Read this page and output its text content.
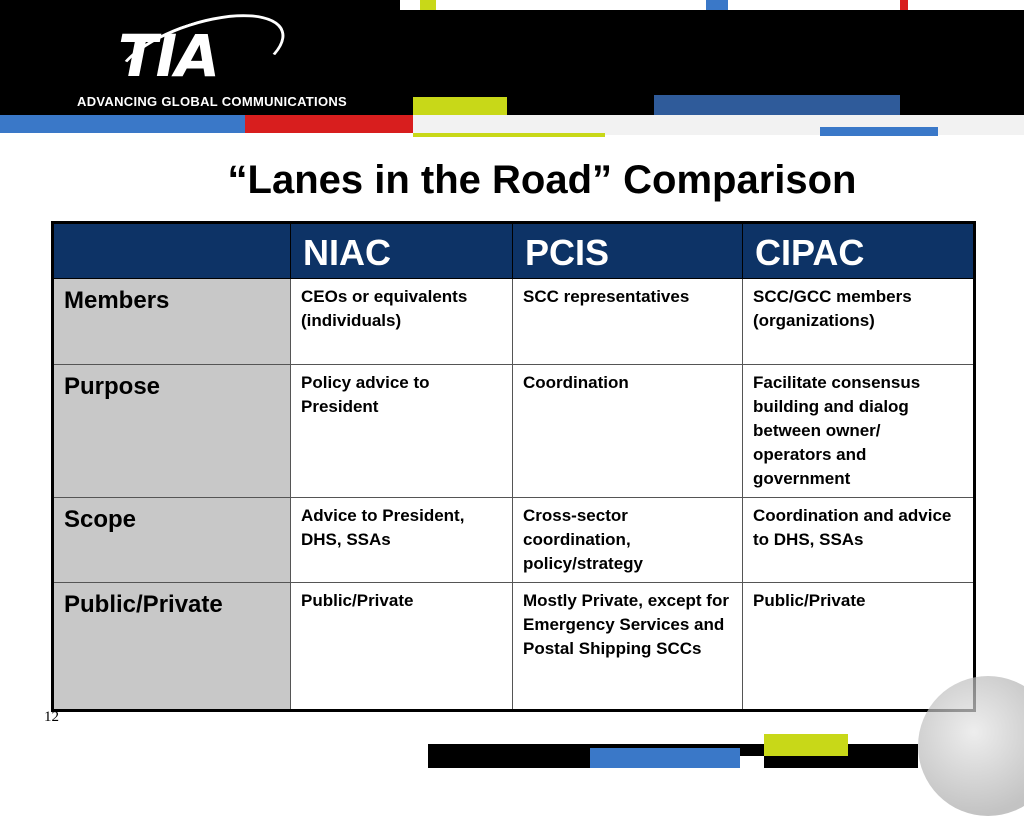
TIA
ADVANCING GLOBAL COMMUNICATIONS
“Lanes in the Road” Comparison
	NIAC	PCIS	CIPAC
Members	CEOs or equivalents (individuals)	SCC representatives	SCC/GCC members (organizations)
Purpose	Policy advice to President	Coordination	Facilitate consensus building and dialog between owner/ operators and government
Scope	Advice to President, DHS, SSAs	Cross-sector coordination, policy/strategy	Coordination and advice to DHS, SSAs
Public/Private	Public/Private	Mostly Private, except for Emergency Services and Postal Shipping SCCs	Public/Private
12
